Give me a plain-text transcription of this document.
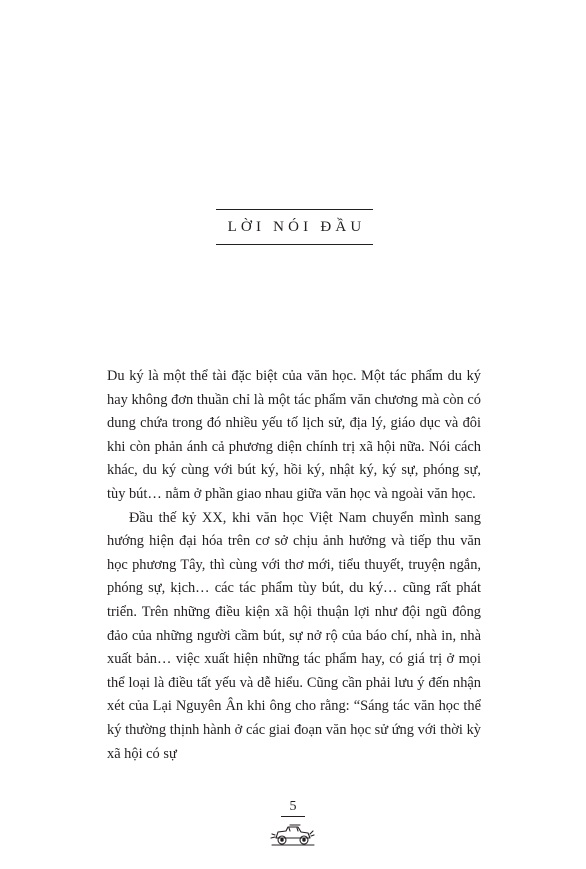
LỜI NÓI ĐẦU

Du ký là một thể tài đặc biệt của văn học. Một tác phẩm du ký hay không đơn thuần chỉ là một tác phẩm văn chương mà còn có dung chứa trong đó nhiều yếu tố lịch sử, địa lý, giáo dục và đôi khi còn phản ánh cả phương diện chính trị xã hội nữa. Nói cách khác, du ký cùng với bút ký, hồi ký, nhật ký, ký sự, phóng sự, tùy bút… nằm ở phần giao nhau giữa văn học và ngoài văn học.

Đầu thế kỷ XX, khi văn học Việt Nam chuyển mình sang hướng hiện đại hóa trên cơ sở chịu ảnh hưởng và tiếp thu văn học phương Tây, thì cùng với thơ mới, tiểu thuyết, truyện ngắn, phóng sự, kịch… các tác phẩm tùy bút, du ký… cũng rất phát triển. Trên những điều kiện xã hội thuận lợi như đội ngũ đông đảo của những người cầm bút, sự nở rộ của báo chí, nhà in, nhà xuất bản… việc xuất hiện những tác phẩm hay, có giá trị ở mọi thể loại là điều tất yếu và dễ hiểu. Cũng cần phải lưu ý đến nhận xét của Lại Nguyên Ân khi ông cho rằng: “Sáng tác văn học thể ký thường thịnh hành ở các giai đoạn văn học sử ứng với thời kỳ xã hội có sự

5
